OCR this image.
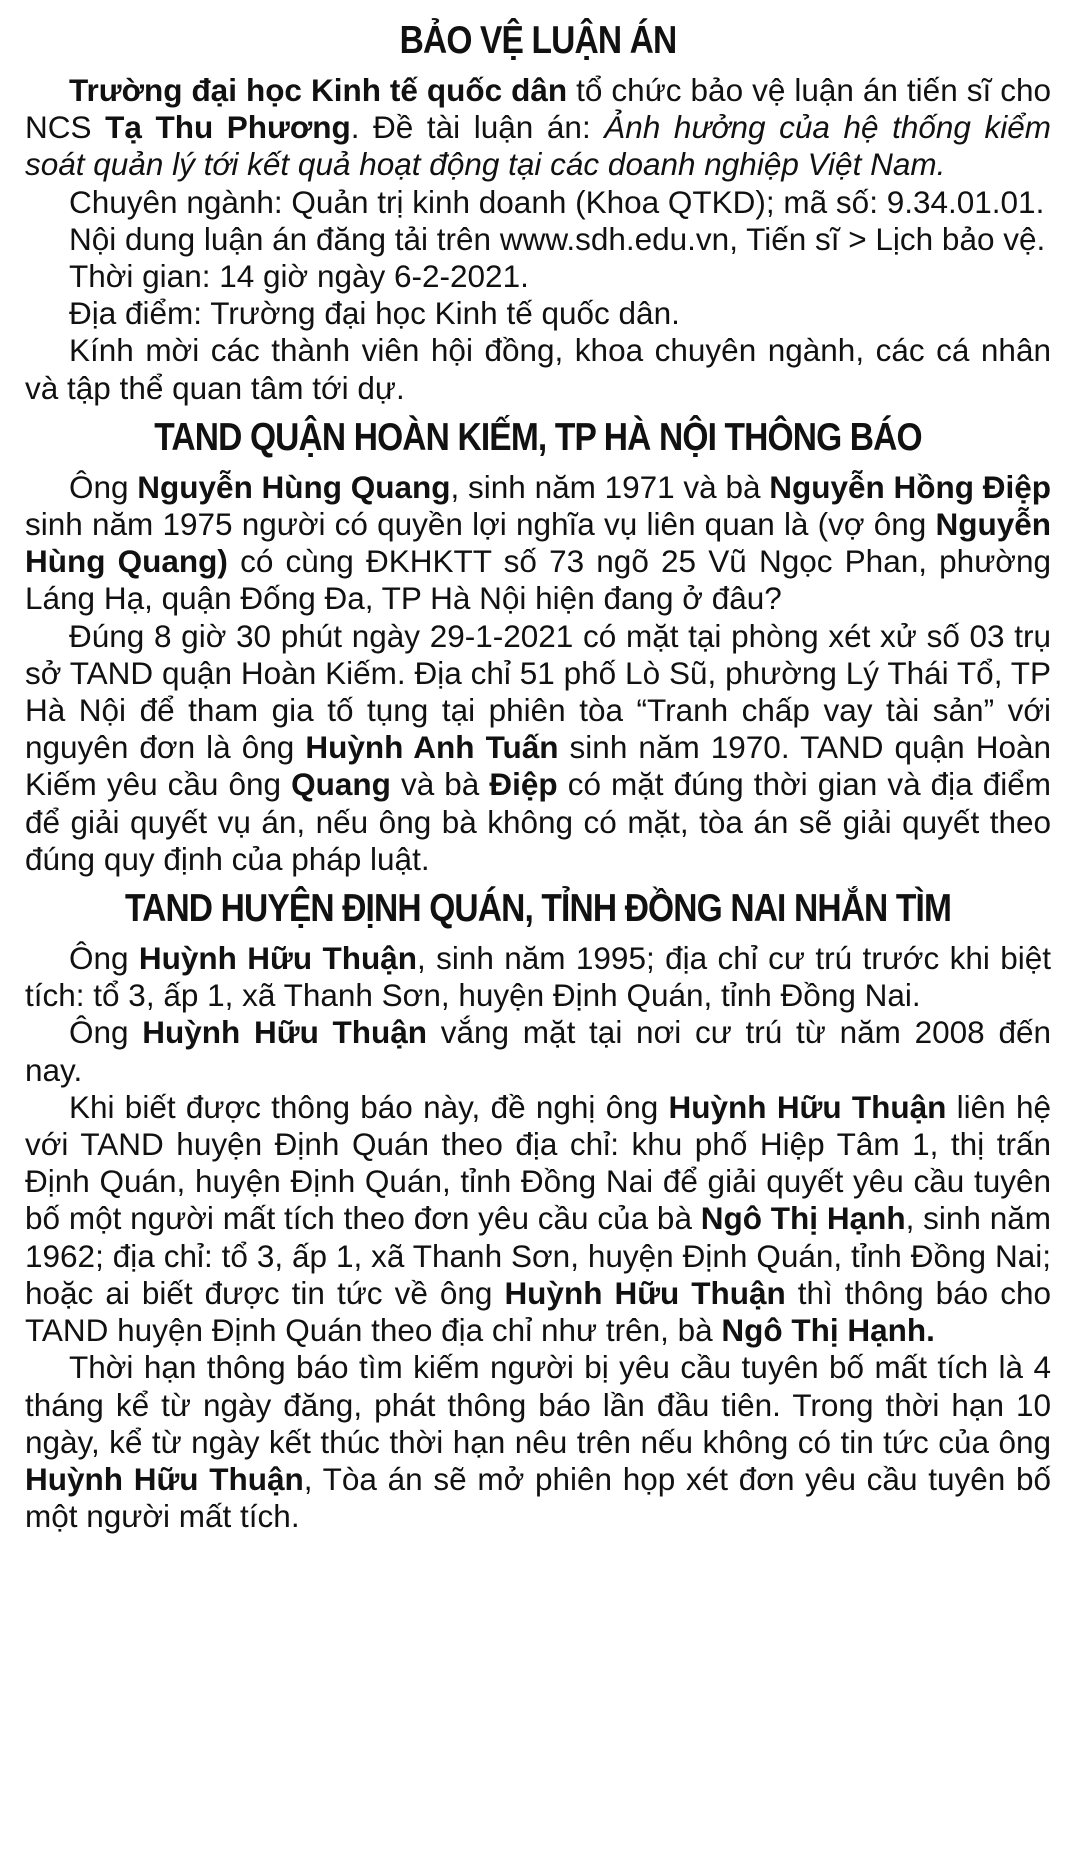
BẢO VỆ LUẬN ÁN

Trường đại học Kinh tế quốc dân tổ chức bảo vệ luận án tiến sĩ cho NCS Tạ Thu Phương. Đề tài luận án: Ảnh hưởng của hệ thống kiểm soát quản lý tới kết quả hoạt động tại các doanh nghiệp Việt Nam.

Chuyên ngành: Quản trị kinh doanh (Khoa QTKD); mã số: 9.34.01.01.

Nội dung luận án đăng tải trên www.sdh.edu.vn, Tiến sĩ > Lịch bảo vệ.

Thời gian: 14 giờ ngày 6-2-2021.

Địa điểm: Trường đại học Kinh tế quốc dân.

Kính mời các thành viên hội đồng, khoa chuyên ngành, các cá nhân và tập thể quan tâm tới dự.

TAND QUẬN HOÀN KIẾM, TP HÀ NỘI THÔNG BÁO

Ông Nguyễn Hùng Quang, sinh năm 1971 và bà Nguyễn Hồng Điệp sinh năm 1975 người có quyền lợi nghĩa vụ liên quan là (vợ ông Nguyễn Hùng Quang) có cùng ĐKHKTT số 73 ngõ 25 Vũ Ngọc Phan, phường Láng Hạ, quận Đống Đa, TP Hà Nội hiện đang ở đâu?

Đúng 8 giờ 30 phút ngày 29-1-2021 có mặt tại phòng xét xử số 03 trụ sở TAND quận Hoàn Kiếm. Địa chỉ 51 phố Lò Sũ, phường Lý Thái Tổ, TP Hà Nội để tham gia tố tụng tại phiên tòa “Tranh chấp vay tài sản” với nguyên đơn là ông Huỳnh Anh Tuấn sinh năm 1970. TAND quận Hoàn Kiếm yêu cầu ông Quang và bà Điệp có mặt đúng thời gian và địa điểm để giải quyết vụ án, nếu ông bà không có mặt, tòa án sẽ giải quyết theo đúng quy định của pháp luật.

TAND HUYỆN ĐỊNH QUÁN, TỈNH ĐỒNG NAI NHẮN TÌM

Ông Huỳnh Hữu Thuận, sinh năm 1995; địa chỉ cư trú trước khi biệt tích: tổ 3, ấp 1, xã Thanh Sơn, huyện Định Quán, tỉnh Đồng Nai.

Ông Huỳnh Hữu Thuận vắng mặt tại nơi cư trú từ năm 2008 đến nay.

Khi biết được thông báo này, đề nghị ông Huỳnh Hữu Thuận liên hệ với TAND huyện Định Quán theo địa chỉ: khu phố Hiệp Tâm 1, thị trấn Định Quán, huyện Định Quán, tỉnh Đồng Nai để giải quyết yêu cầu tuyên bố một người mất tích theo đơn yêu cầu của bà Ngô Thị Hạnh, sinh năm 1962; địa chỉ: tổ 3, ấp 1, xã Thanh Sơn, huyện Định Quán, tỉnh Đồng Nai; hoặc ai biết được tin tức về ông Huỳnh Hữu Thuận thì thông báo cho TAND huyện Định Quán theo địa chỉ như trên, bà Ngô Thị Hạnh.

Thời hạn thông báo tìm kiếm người bị yêu cầu tuyên bố mất tích là 4 tháng kể từ ngày đăng, phát thông báo lần đầu tiên. Trong thời hạn 10 ngày, kể từ ngày kết thúc thời hạn nêu trên nếu không có tin tức của ông Huỳnh Hữu Thuận, Tòa án sẽ mở phiên họp xét đơn yêu cầu tuyên bố một người mất tích.
